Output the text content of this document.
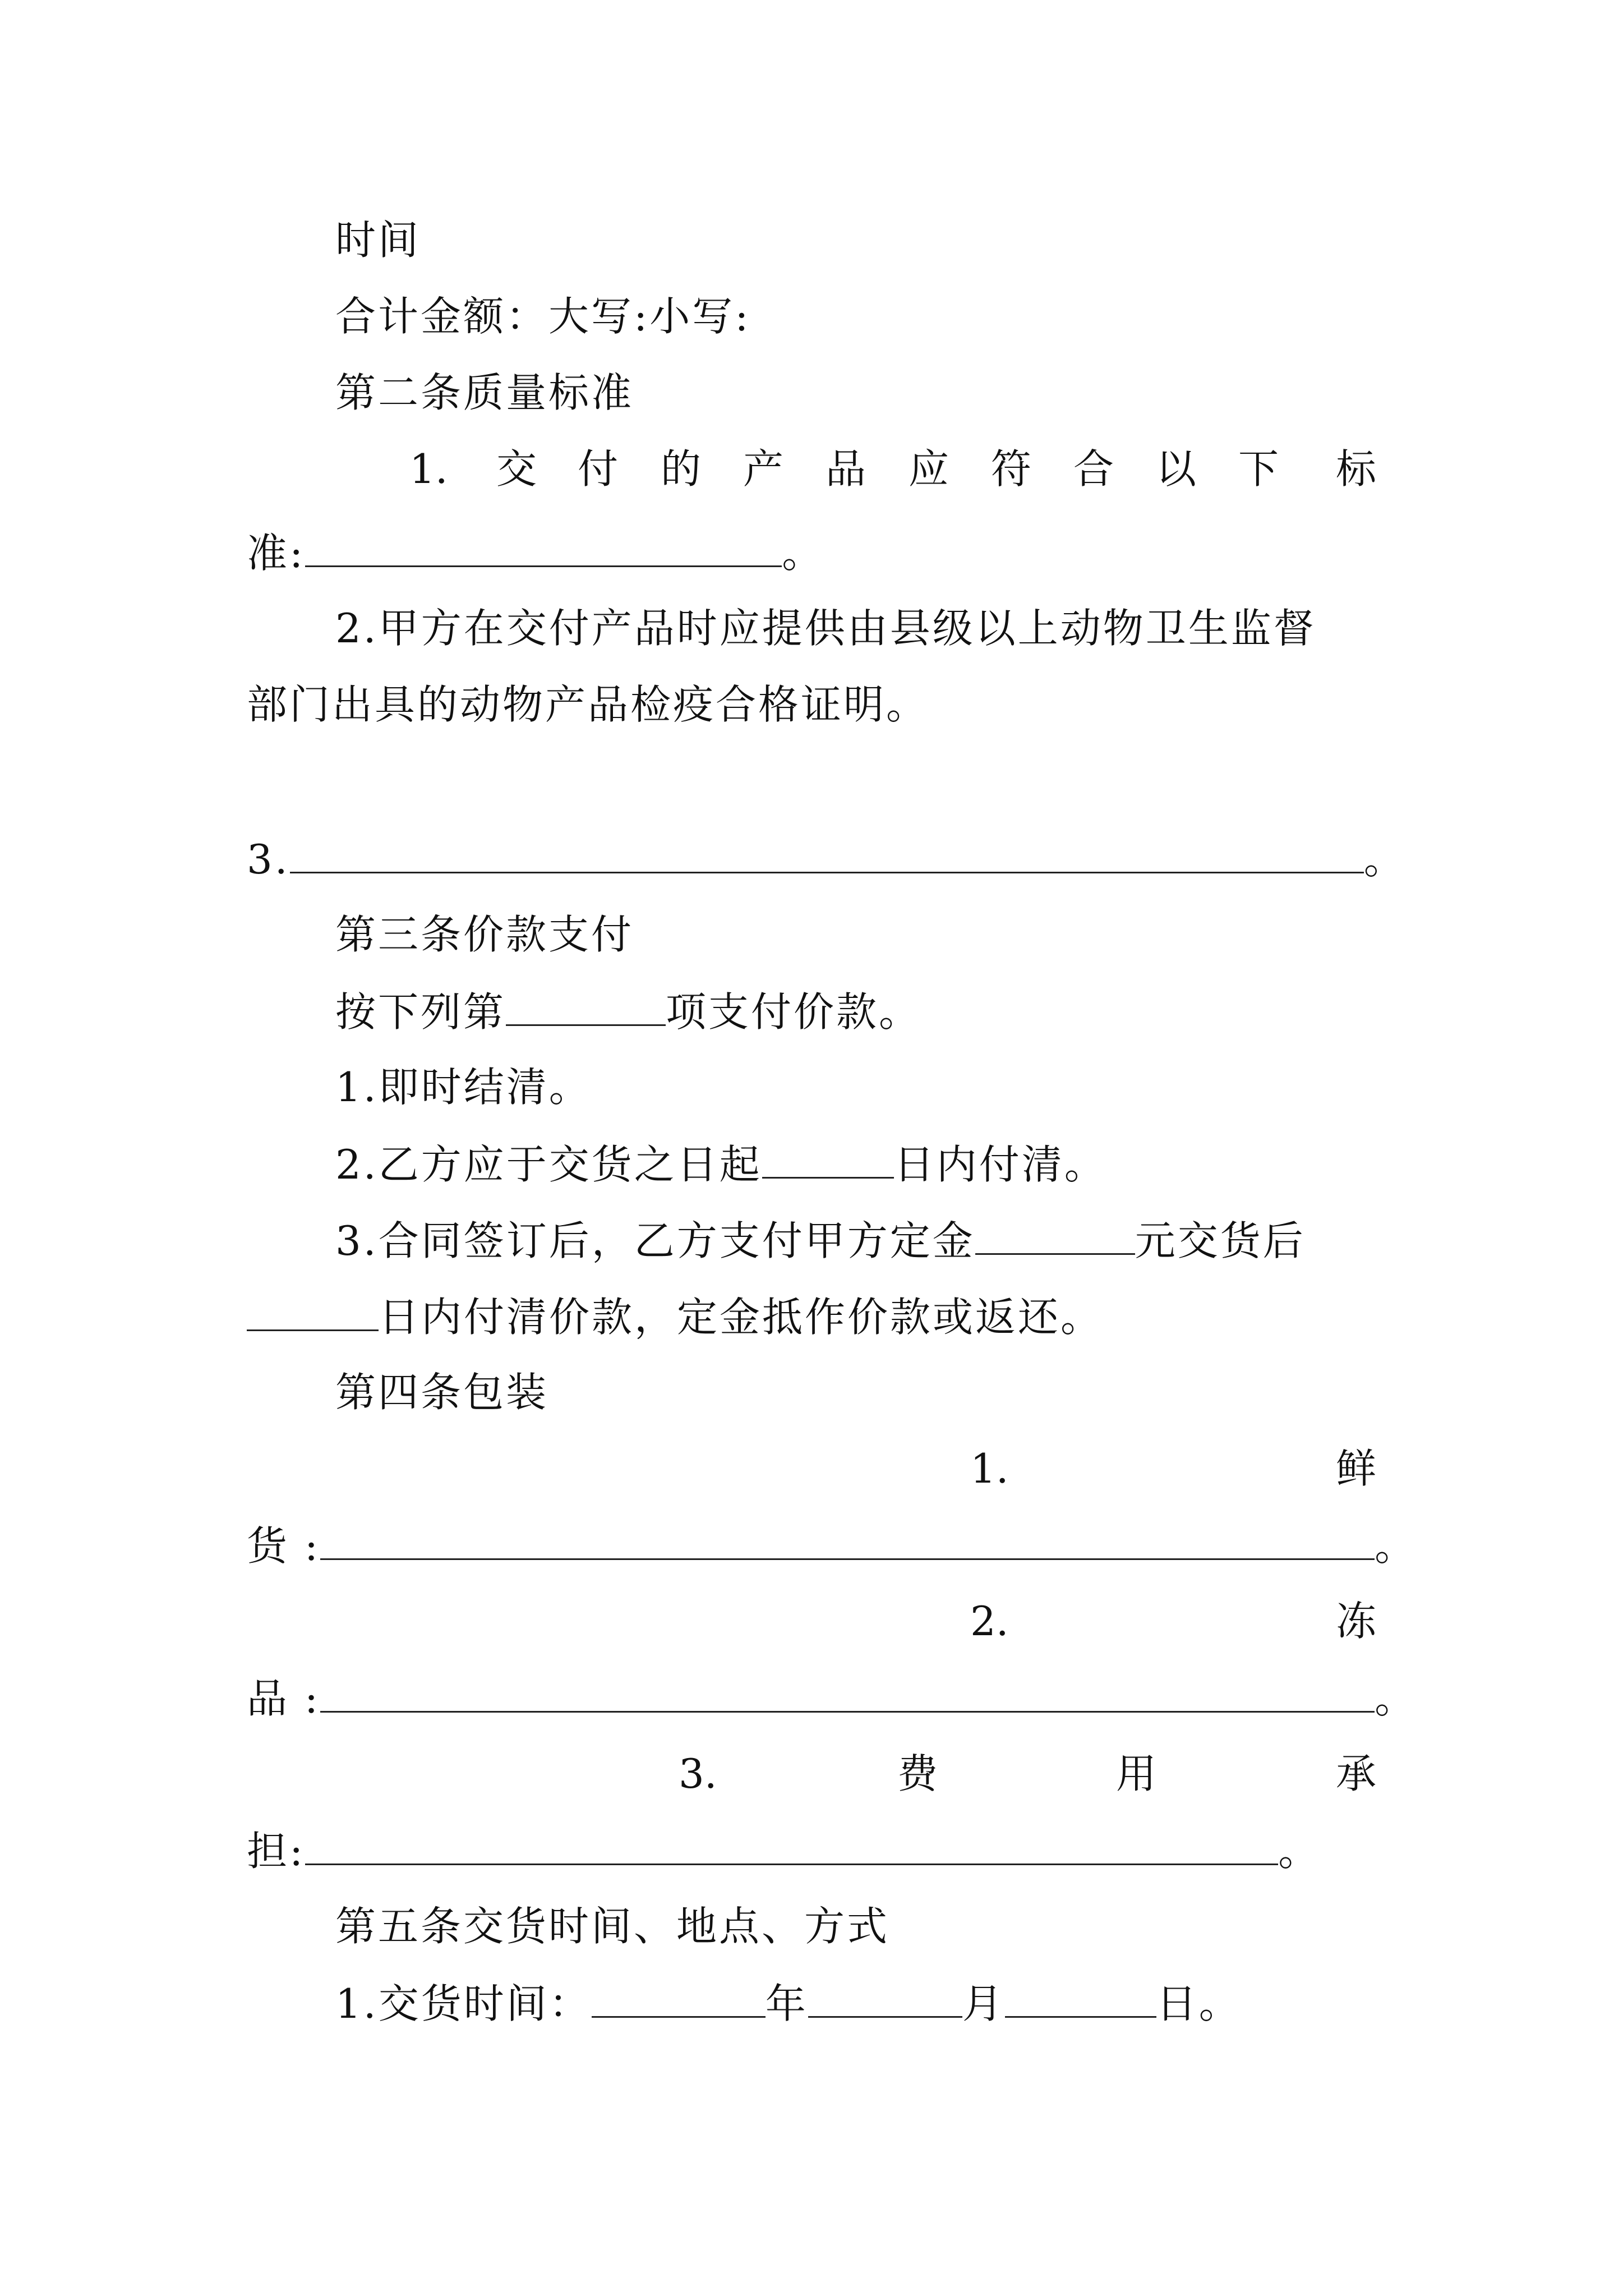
时间
合计金额：大写:小写:
第二条质量标准
1. 交 付 的 产 品 应 符 合 以 下 标
准:	。
2.甲方在交付产品时应提供由县级以上动物卫生监督
部门出具的动物产品检疫合格证明。
3.	。
第三条价款支付
按下列第	项支付价款。
1.即时结清。
2.乙方应于交货之日起	日内付清。
3.合同签订后，乙方支付甲方定金	元交货后
日内付清价款，定金抵作价款或返还。
第四条包装
1.	鲜
货 :	。
2.	冻
品 :	。
3.	费	用	承
担:	。
第五条交货时间、地点、方式
1.交货时间：	年	月	日。
